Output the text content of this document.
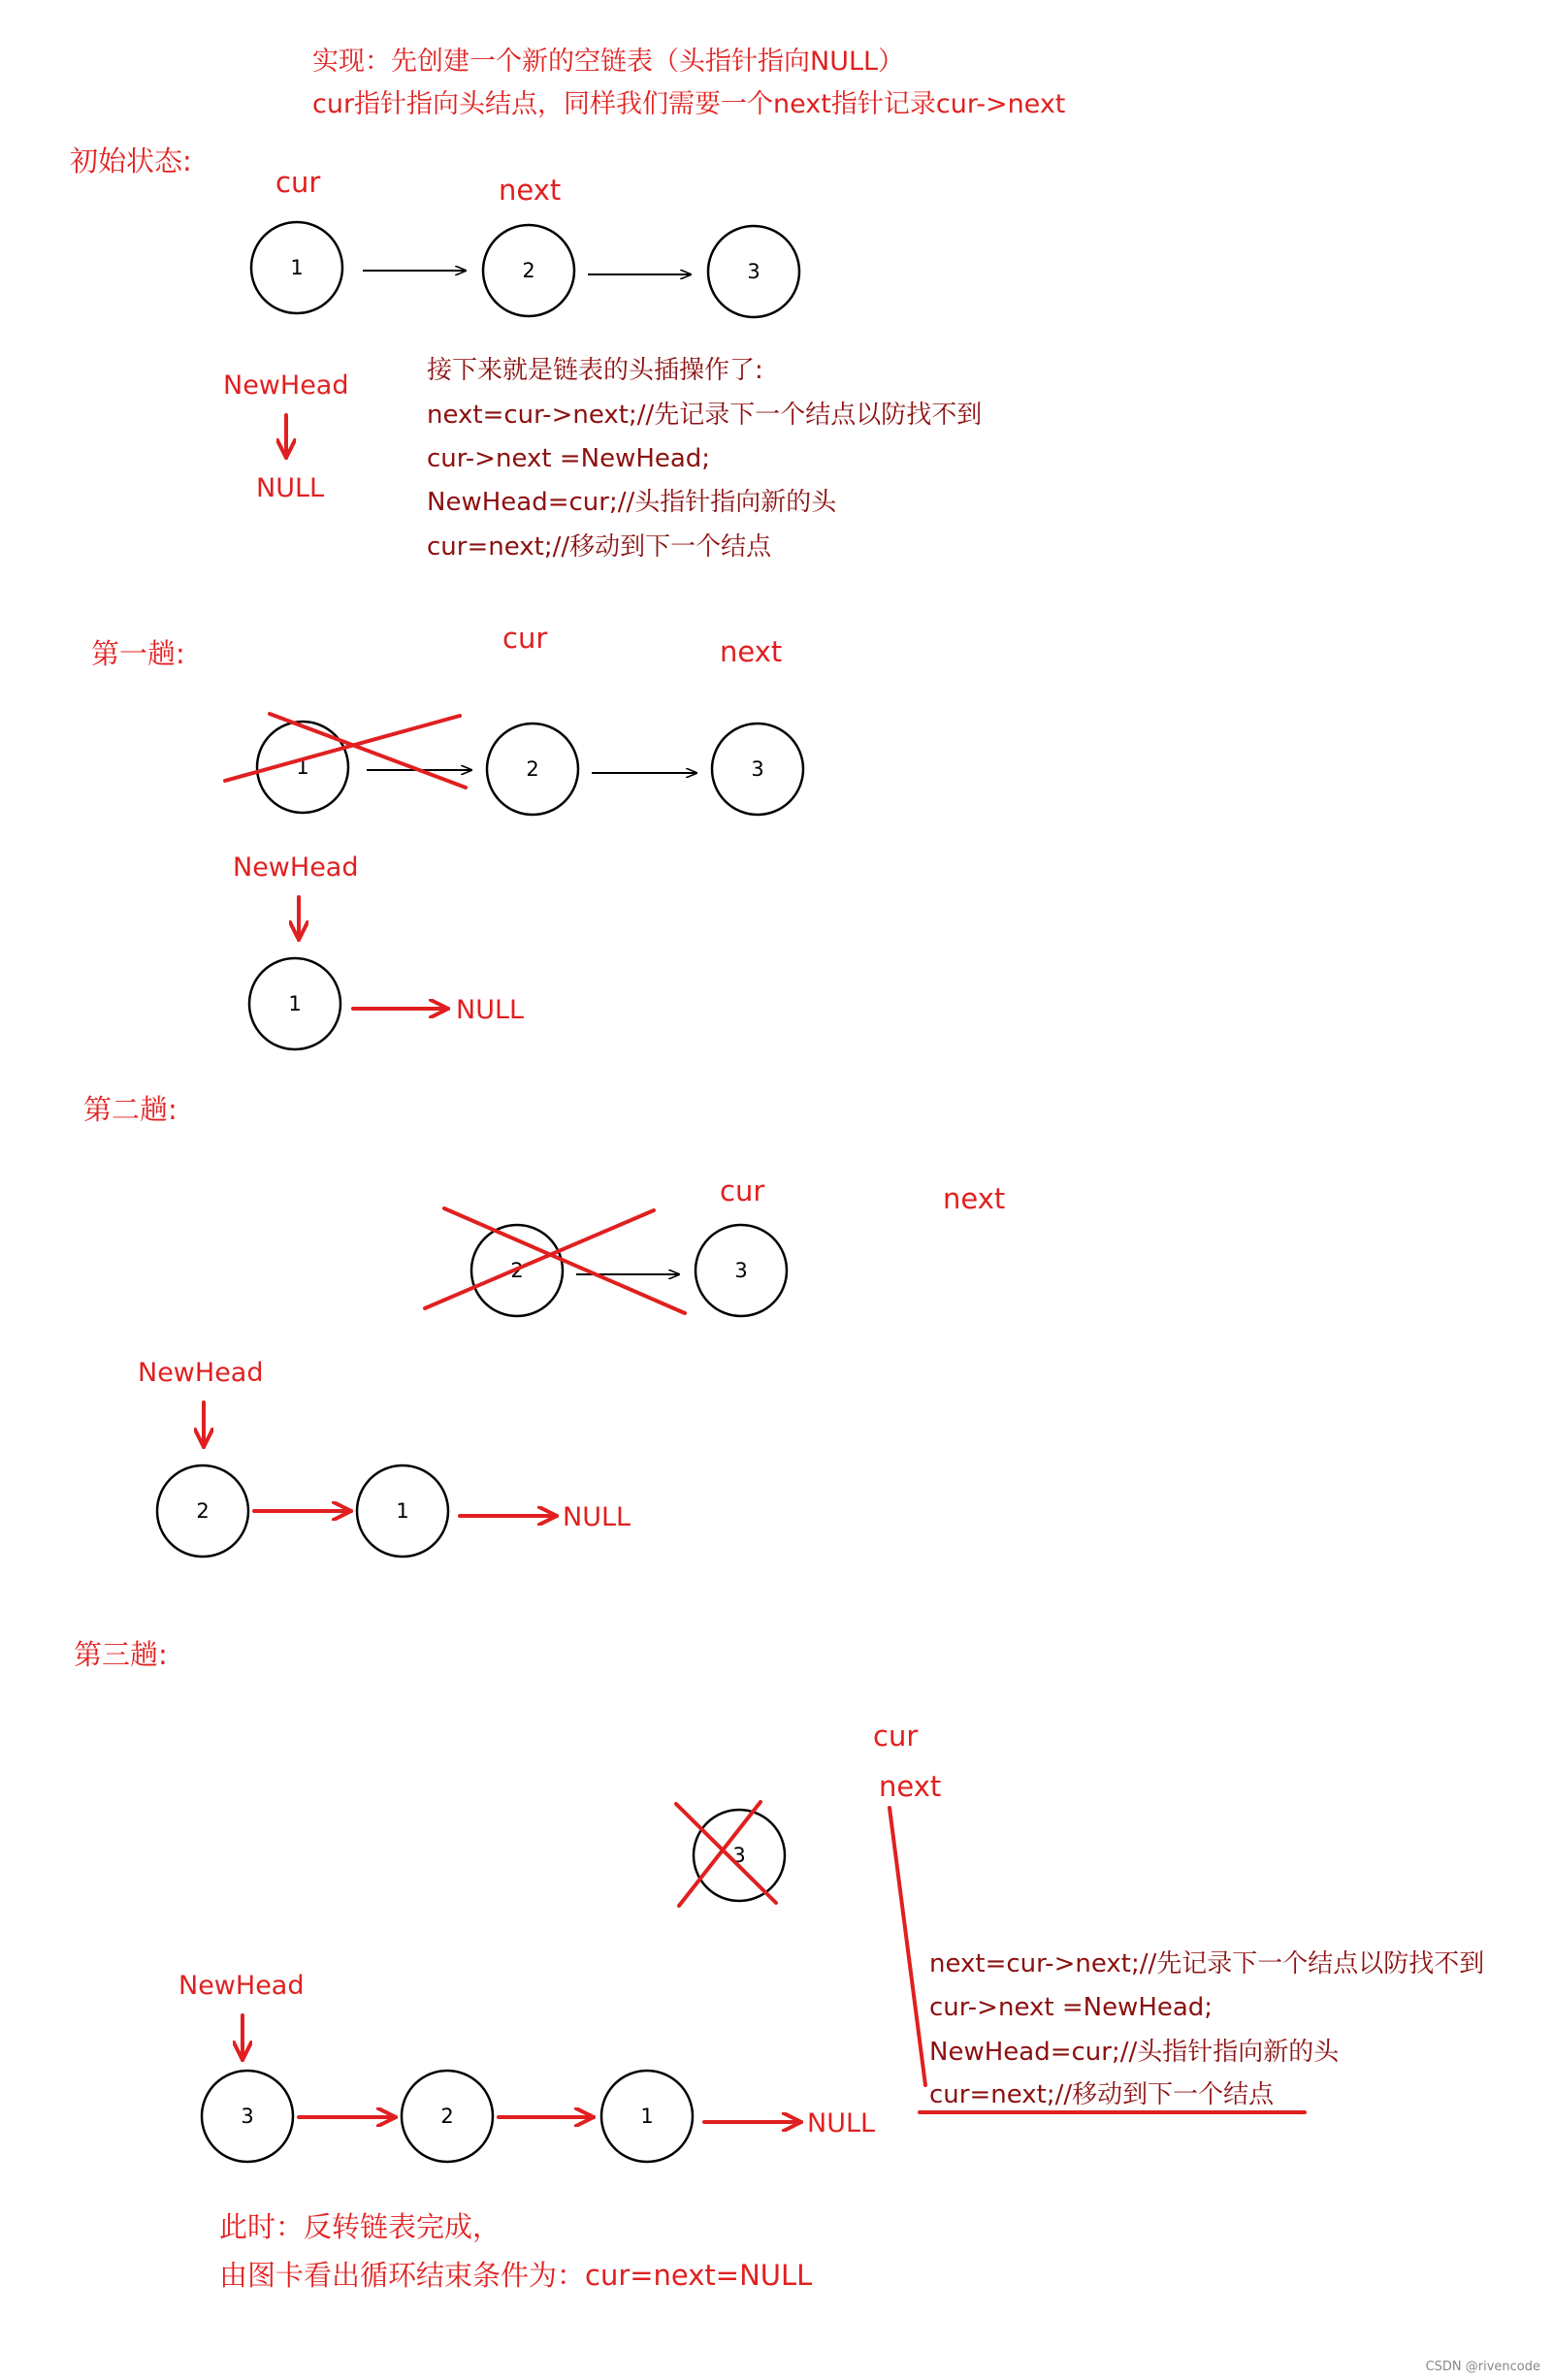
实现：先创建一个新的空链表（头指针指向NULL）
cur指针指向头结点，同样我们需要一个next指针记录cur->next
初始状态:
cur	next
1	2	3
NewHead
NULL
接下来就是链表的头插操作了:
next=cur->next;//先记录下一个结点以防找不到
cur->next =NewHead;
NewHead=cur;//头指针指向新的头
cur=next;//移动到下一个结点
第一趟:	cur	next
1	2	3
NewHead
1	NULL
第二趟:
cur	next
2	3
NewHead
2	1	NULL
第三趟:
cur
next
3
NewHead
3	2	1	NULL
next=cur->next;//先记录下一个结点以防找不到
cur->next =NewHead;
NewHead=cur;//头指针指向新的头
cur=next;//移动到下一个结点
此时：反转链表完成，
由图卡看出循环结束条件为：cur=next=NULL
CSDN @rivencode
